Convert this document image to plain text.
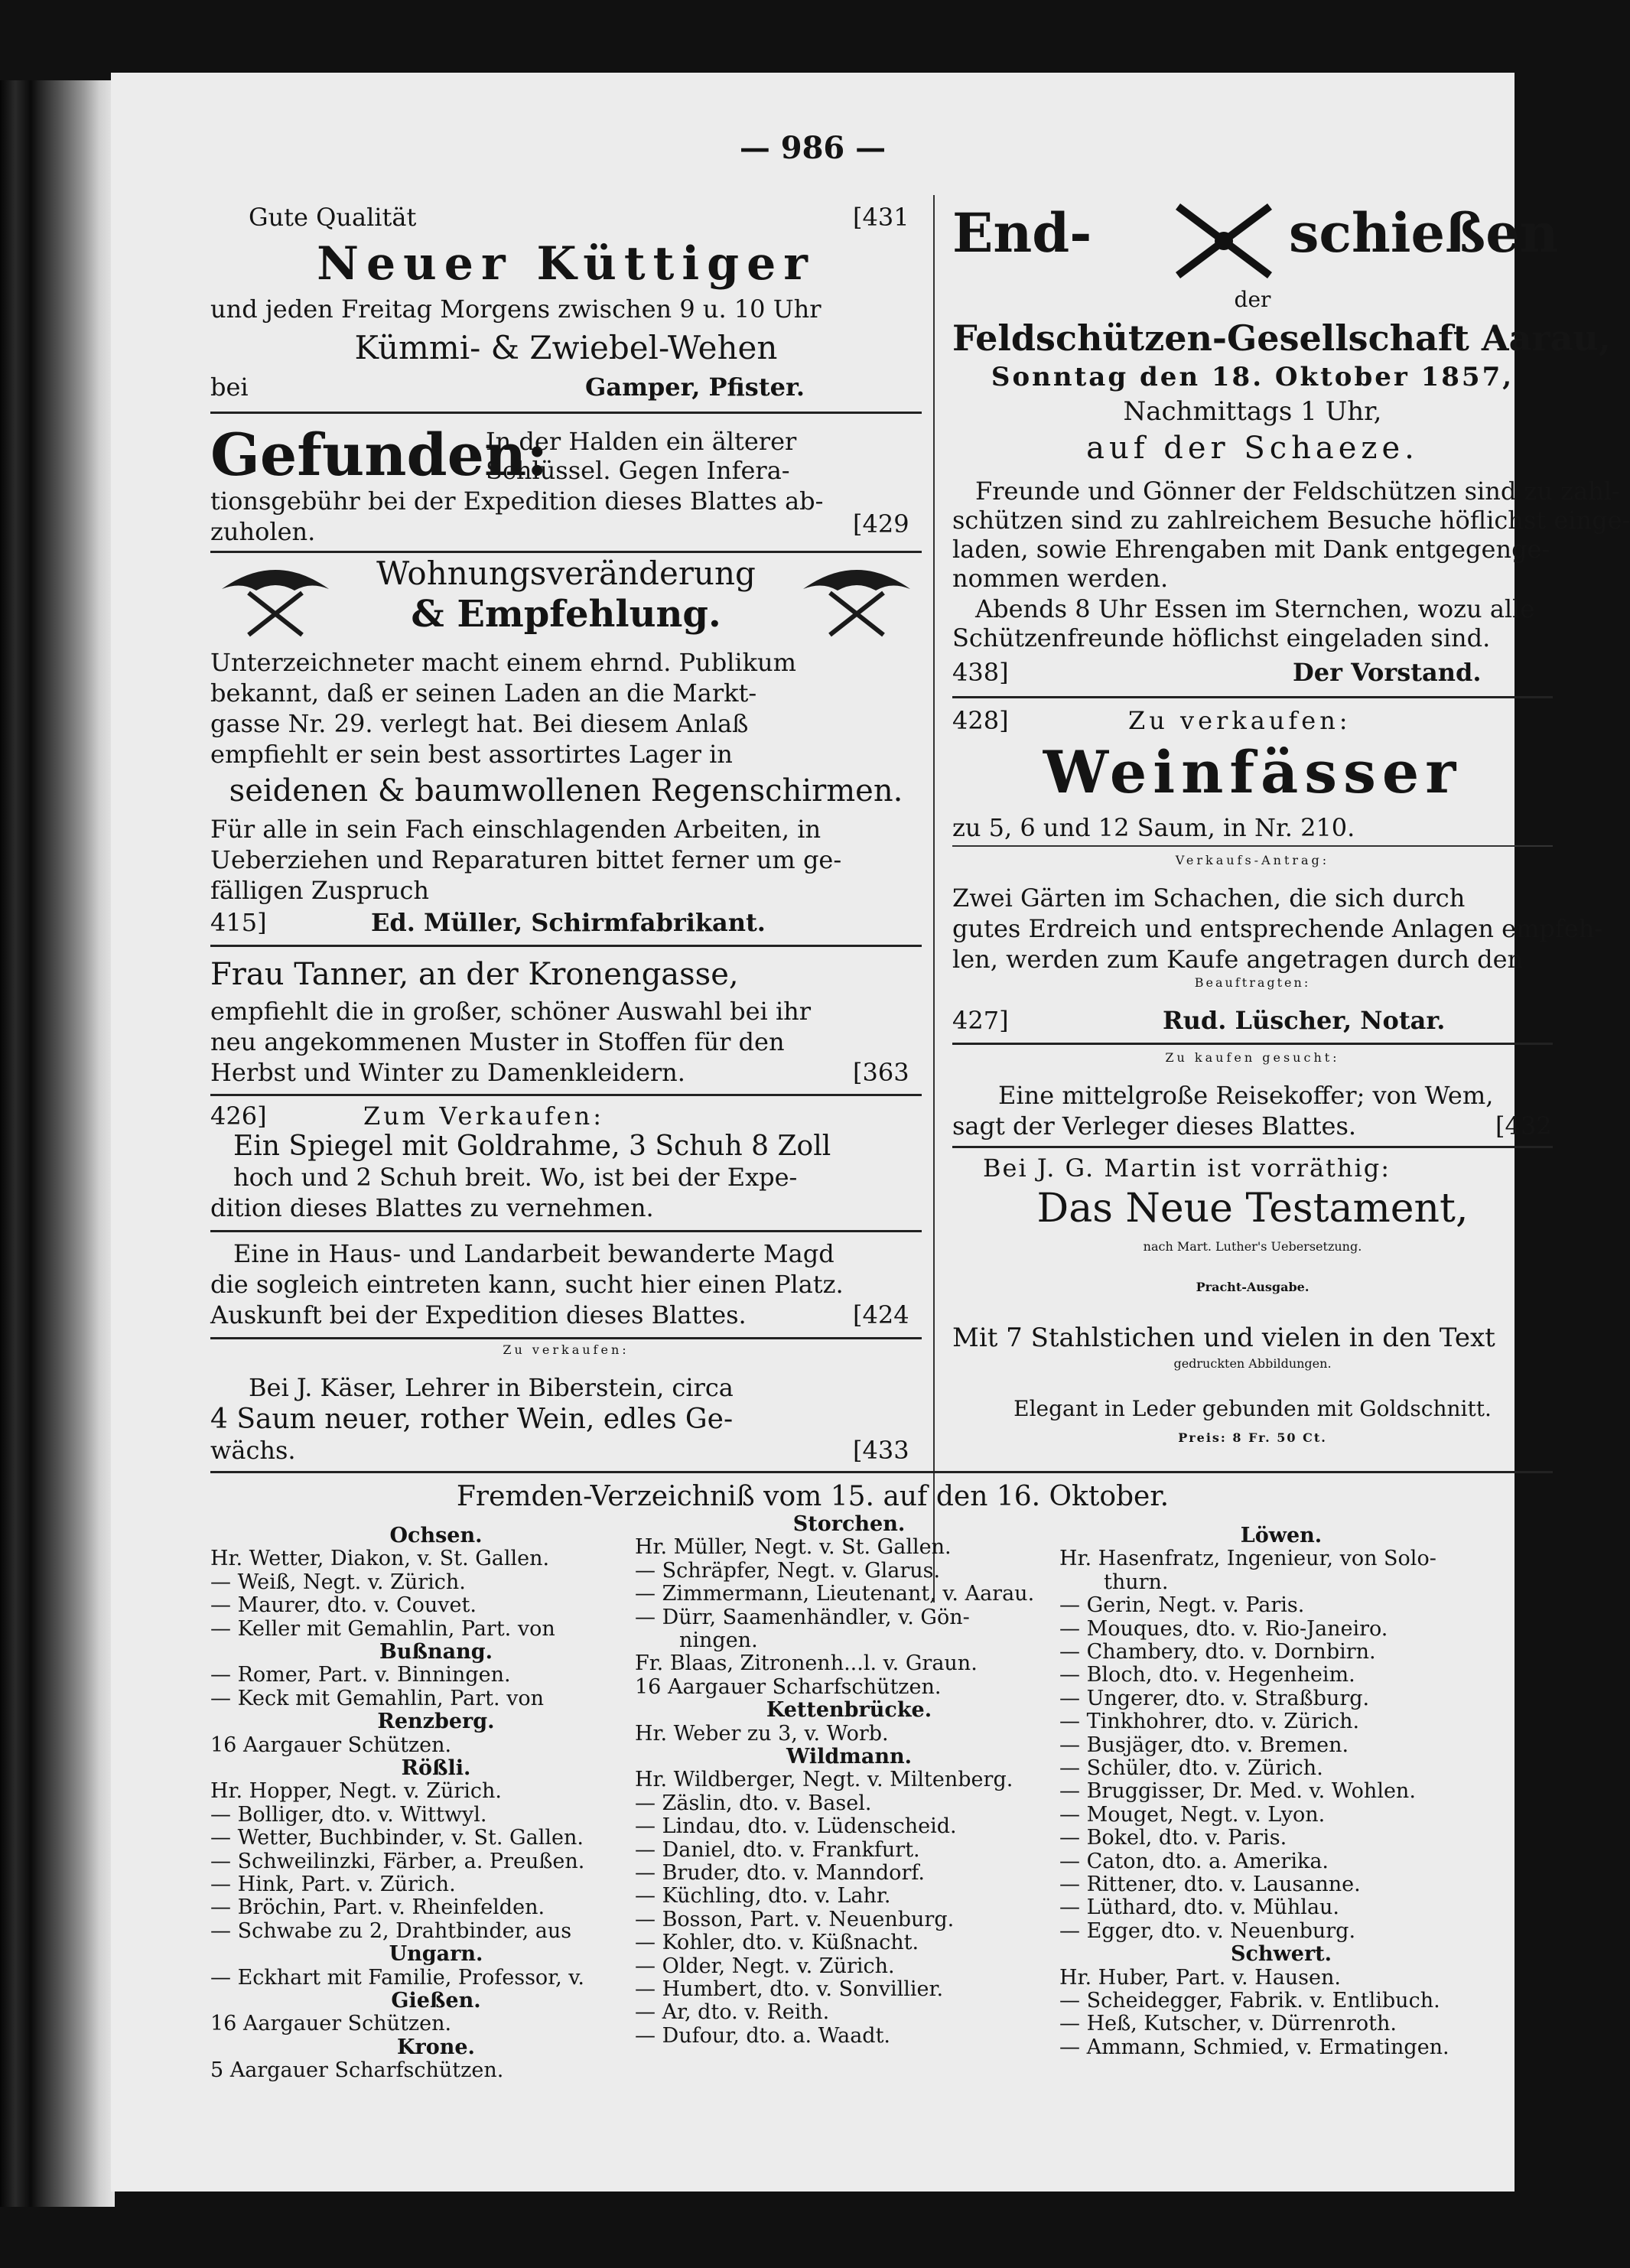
— 986 —
Gute Qualität	[431
Neuer Küttiger
und jeden Freitag Morgens zwischen 9 u. 10 Uhr
Kümmi- & Zwiebel-Wehen
bei	Gamper, Pfister.
Gefunden:
In der Halden ein älterer
Schlüssel. Gegen Infera-
tionsgebühr bei der Expedition dieses Blattes ab-
zuholen.	[429
Wohnungsveränderung
& Empfehlung.
Unterzeichneter macht einem ehrnd. Publikum
bekannt, daß er seinen Laden an die Markt-
gasse Nr. 29. verlegt hat. Bei diesem Anlaß
empfiehlt er sein best assortirtes Lager in
seidenen & baumwollenen Regenschirmen.
Für alle in sein Fach einschlagenden Arbeiten, in
Ueberziehen und Reparaturen bittet ferner um ge-
fälligen Zuspruch
415]	Ed. Müller, Schirmfabrikant.
Frau Tanner, an der Kronengasse,
empfiehlt die in großer, schöner Auswahl bei ihr
neu angekommenen Muster in Stoffen für den
Herbst und Winter zu Damenkleidern.	[363
426]	Zum Verkaufen:
Ein Spiegel mit Goldrahme, 3 Schuh 8 Zoll
hoch und 2 Schuh breit. Wo, ist bei der Expe-
dition dieses Blattes zu vernehmen.
Eine in Haus- und Landarbeit bewanderte Magd
die sogleich eintreten kann, sucht hier einen Platz.
Auskunft bei der Expedition dieses Blattes.	[424
Zu verkaufen:
Bei J. Käser, Lehrer in Biberstein, circa
4 Saum neuer, rother Wein, edles Ge-
wächs.	[433
End-	schießen
der
Feldschützen-Gesellschaft Aarau,
Sonntag den 18. Oktober 1857,
Nachmittags 1 Uhr,
auf der Schaeze.
Freunde und Gönner der Feldschützen sind zu zahl-
schützen sind zu zahlreichem Besuche höflichst einge-
laden, sowie Ehrengaben mit Dank entgegenge-
nommen werden.
Abends 8 Uhr Essen im Sternchen, wozu alle
Schützenfreunde höflichst eingeladen sind.
438]	Der Vorstand.
428]	Zu verkaufen:
Weinfässer
zu 5, 6 und 12 Saum, in Nr. 210.
Verkaufs-Antrag:
Zwei Gärten im Schachen, die sich durch
gutes Erdreich und entsprechende Anlagen empfeh-
len, werden zum Kaufe angetragen durch den
Beauftragten:
427]	Rud. Lüscher, Notar.
Zu kaufen gesucht:
Eine mittelgroße Reisekoffer; von Wem,
sagt der Verleger dieses Blattes.	[432
Bei J. G. Martin ist vorräthig:
Das Neue Testament,
nach Mart. Luther's Uebersetzung.
Pracht-Ausgabe.
Mit 7 Stahlstichen und vielen in den Text
gedruckten Abbildungen.
Elegant in Leder gebunden mit Goldschnitt.
Preis: 8 Fr. 50 Ct.
Fremden-Verzeichniß vom 15. auf den 16. Oktober.
Ochsen.
Hr. Wetter, Diakon, v. St. Gallen.
— Weiß, Negt. v. Zürich.
— Maurer, dto. v. Couvet.
— Keller mit Gemahlin, Part. von
Bußnang.
— Romer, Part. v. Binningen.
— Keck mit Gemahlin, Part. von
Renzberg.
16 Aargauer Schützen.
Rößli.
Hr. Hopper, Negt. v. Zürich.
— Bolliger, dto. v. Wittwyl.
— Wetter, Buchbinder, v. St. Gallen.
— Schweilinzki, Färber, a. Preußen.
— Hink, Part. v. Zürich.
— Bröchin, Part. v. Rheinfelden.
— Schwabe zu 2, Drahtbinder, aus
Ungarn.
— Eckhart mit Familie, Professor, v.
Gießen.
16 Aargauer Schützen.
Krone.
5 Aargauer Scharfschützen.
Storchen.
Hr. Müller, Negt. v. St. Gallen.
— Schräpfer, Negt. v. Glarus.
— Zimmermann, Lieutenant, v. Aarau.
— Dürr, Saamenhändler, v. Gön-
ningen.
Fr. Blaas, Zitronenh...l. v. Graun.
16 Aargauer Scharfschützen.
Kettenbrücke.
Hr. Weber zu 3, v. Worb.
Wildmann.
Hr. Wildberger, Negt. v. Miltenberg.
— Zäslin, dto. v. Basel.
— Lindau, dto. v. Lüdenscheid.
— Daniel, dto. v. Frankfurt.
— Bruder, dto. v. Manndorf.
— Küchling, dto. v. Lahr.
— Bosson, Part. v. Neuenburg.
— Kohler, dto. v. Küßnacht.
— Older, Negt. v. Zürich.
— Humbert, dto. v. Sonvillier.
— Ar, dto. v. Reith.
— Dufour, dto. a. Waadt.
Löwen.
Hr. Hasenfratz, Ingenieur, von Solo-
thurn.
— Gerin, Negt. v. Paris.
— Mouques, dto. v. Rio-Janeiro.
— Chambery, dto. v. Dornbirn.
— Bloch, dto. v. Hegenheim.
— Ungerer, dto. v. Straßburg.
— Tinkhohrer, dto. v. Zürich.
— Busjäger, dto. v. Bremen.
— Schüler, dto. v. Zürich.
— Bruggisser, Dr. Med. v. Wohlen.
— Mouget, Negt. v. Lyon.
— Bokel, dto. v. Paris.
— Caton, dto. a. Amerika.
— Rittener, dto. v. Lausanne.
— Lüthard, dto. v. Mühlau.
— Egger, dto. v. Neuenburg.
Schwert.
Hr. Huber, Part. v. Hausen.
— Scheidegger, Fabrik. v. Entlibuch.
— Heß, Kutscher, v. Dürrenroth.
— Ammann, Schmied, v. Ermatingen.
